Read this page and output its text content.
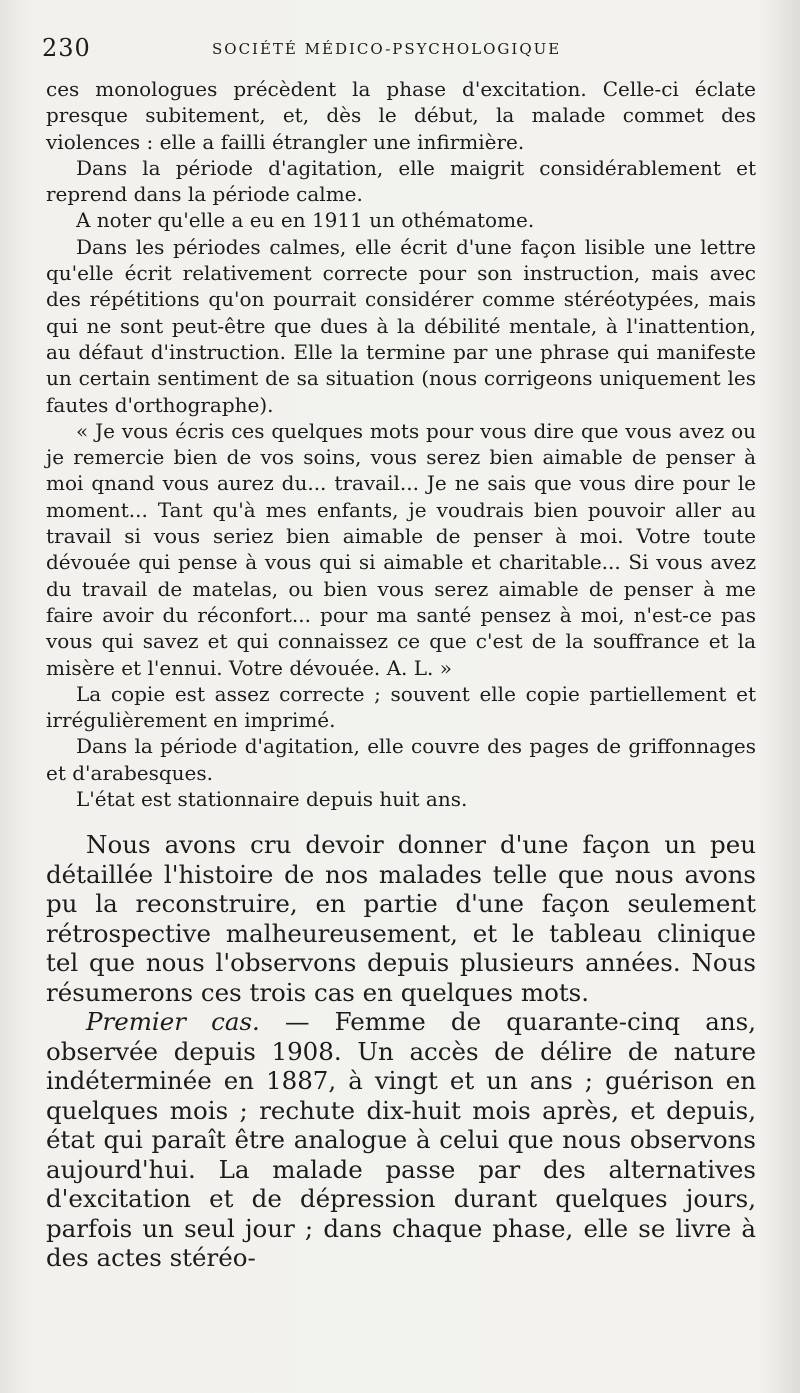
230	SOCIÉTÉ MÉDICO-PSYCHOLOGIQUE

ces monologues précèdent la phase d'excitation. Celle-ci éclate presque subitement, et, dès le début, la malade commet des violences : elle a failli étrangler une infirmière.

Dans la période d'agitation, elle maigrit considérablement et reprend dans la période calme.

A noter qu'elle a eu en 1911 un othématome.

Dans les périodes calmes, elle écrit d'une façon lisible une lettre qu'elle écrit relativement correcte pour son instruction, mais avec des répétitions qu'on pourrait considérer comme stéréotypées, mais qui ne sont peut-être que dues à la débilité mentale, à l'inattention, au défaut d'instruction. Elle la termine par une phrase qui manifeste un certain sentiment de sa situation (nous corrigeons uniquement les fautes d'orthographe).

« Je vous écris ces quelques mots pour vous dire que vous avez ou je remercie bien de vos soins, vous serez bien aimable de penser à moi qnand vous aurez du... travail... Je ne sais que vous dire pour le moment... Tant qu'à mes enfants, je voudrais bien pouvoir aller au travail si vous seriez bien aimable de penser à moi. Votre toute dévouée qui pense à vous qui si aimable et charitable... Si vous avez du travail de matelas, ou bien vous serez aimable de penser à me faire avoir du réconfort... pour ma santé pensez à moi, n'est-ce pas vous qui savez et qui connaissez ce que c'est de la souffrance et la misère et l'ennui. Votre dévouée. A. L. »

La copie est assez correcte ; souvent elle copie partiellement et irrégulièrement en imprimé.

Dans la période d'agitation, elle couvre des pages de griffonnages et d'arabesques.

L'état est stationnaire depuis huit ans.

Nous avons cru devoir donner d'une façon un peu détaillée l'histoire de nos malades telle que nous avons pu la reconstruire, en partie d'une façon seulement rétrospective malheureusement, et le tableau clinique tel que nous l'observons depuis plusieurs années. Nous résumerons ces trois cas en quelques mots.

Premier cas. — Femme de quarante-cinq ans, observée depuis 1908. Un accès de délire de nature indéterminée en 1887, à vingt et un ans ; guérison en quelques mois ; rechute dix-huit mois après, et depuis, état qui paraît être analogue à celui que nous observons aujourd'hui. La malade passe par des alternatives d'excitation et de dépression durant quelques jours, parfois un seul jour ; dans chaque phase, elle se livre à des actes stéréo-
